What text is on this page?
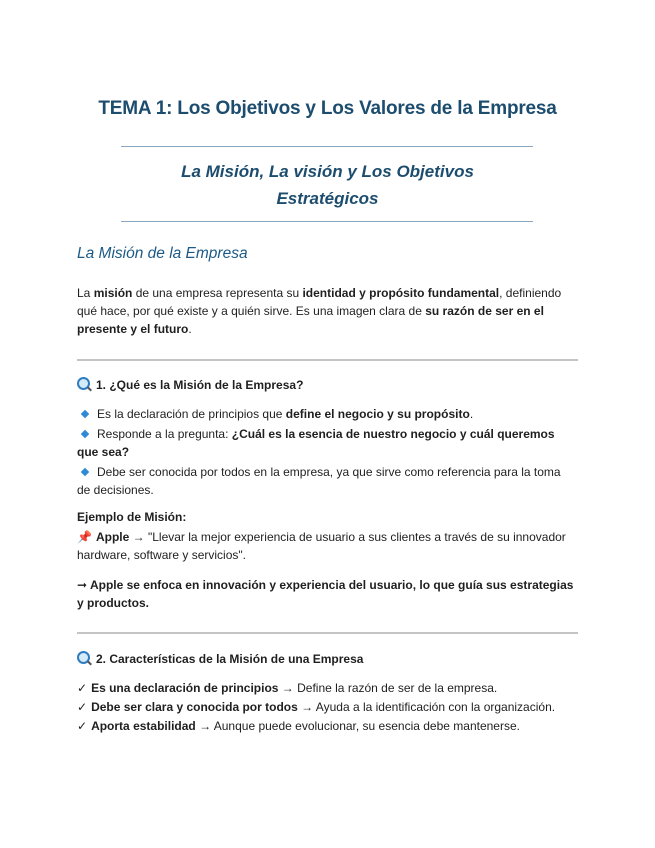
TEMA 1: Los Objetivos y Los Valores de la Empresa
La Misión, La visión y Los Objetivos
Estratégicos
La Misión de la Empresa
La misión de una empresa representa su identidad y propósito fundamental, definiendo qué hace, por qué existe y a quién sirve. Es una imagen clara de su razón de ser en el presente y el futuro.
1. ¿Qué es la Misión de la Empresa?
Es la declaración de principios que define el negocio y su propósito.
Responde a la pregunta: ¿Cuál es la esencia de nuestro negocio y cuál queremos que sea?
Debe ser conocida por todos en la empresa, ya que sirve como referencia para la toma de decisiones.
Ejemplo de Misión:
📌 Apple → "Llevar la mejor experiencia de usuario a sus clientes a través de su innovador hardware, software y servicios".
➞ Apple se enfoca en innovación y experiencia del usuario, lo que guía sus estrategias y productos.
2. Características de la Misión de una Empresa
✓ Es una declaración de principios → Define la razón de ser de la empresa.
✓ Debe ser clara y conocida por todos → Ayuda a la identificación con la organización.
✓ Aporta estabilidad → Aunque puede evolucionar, su esencia debe mantenerse.
